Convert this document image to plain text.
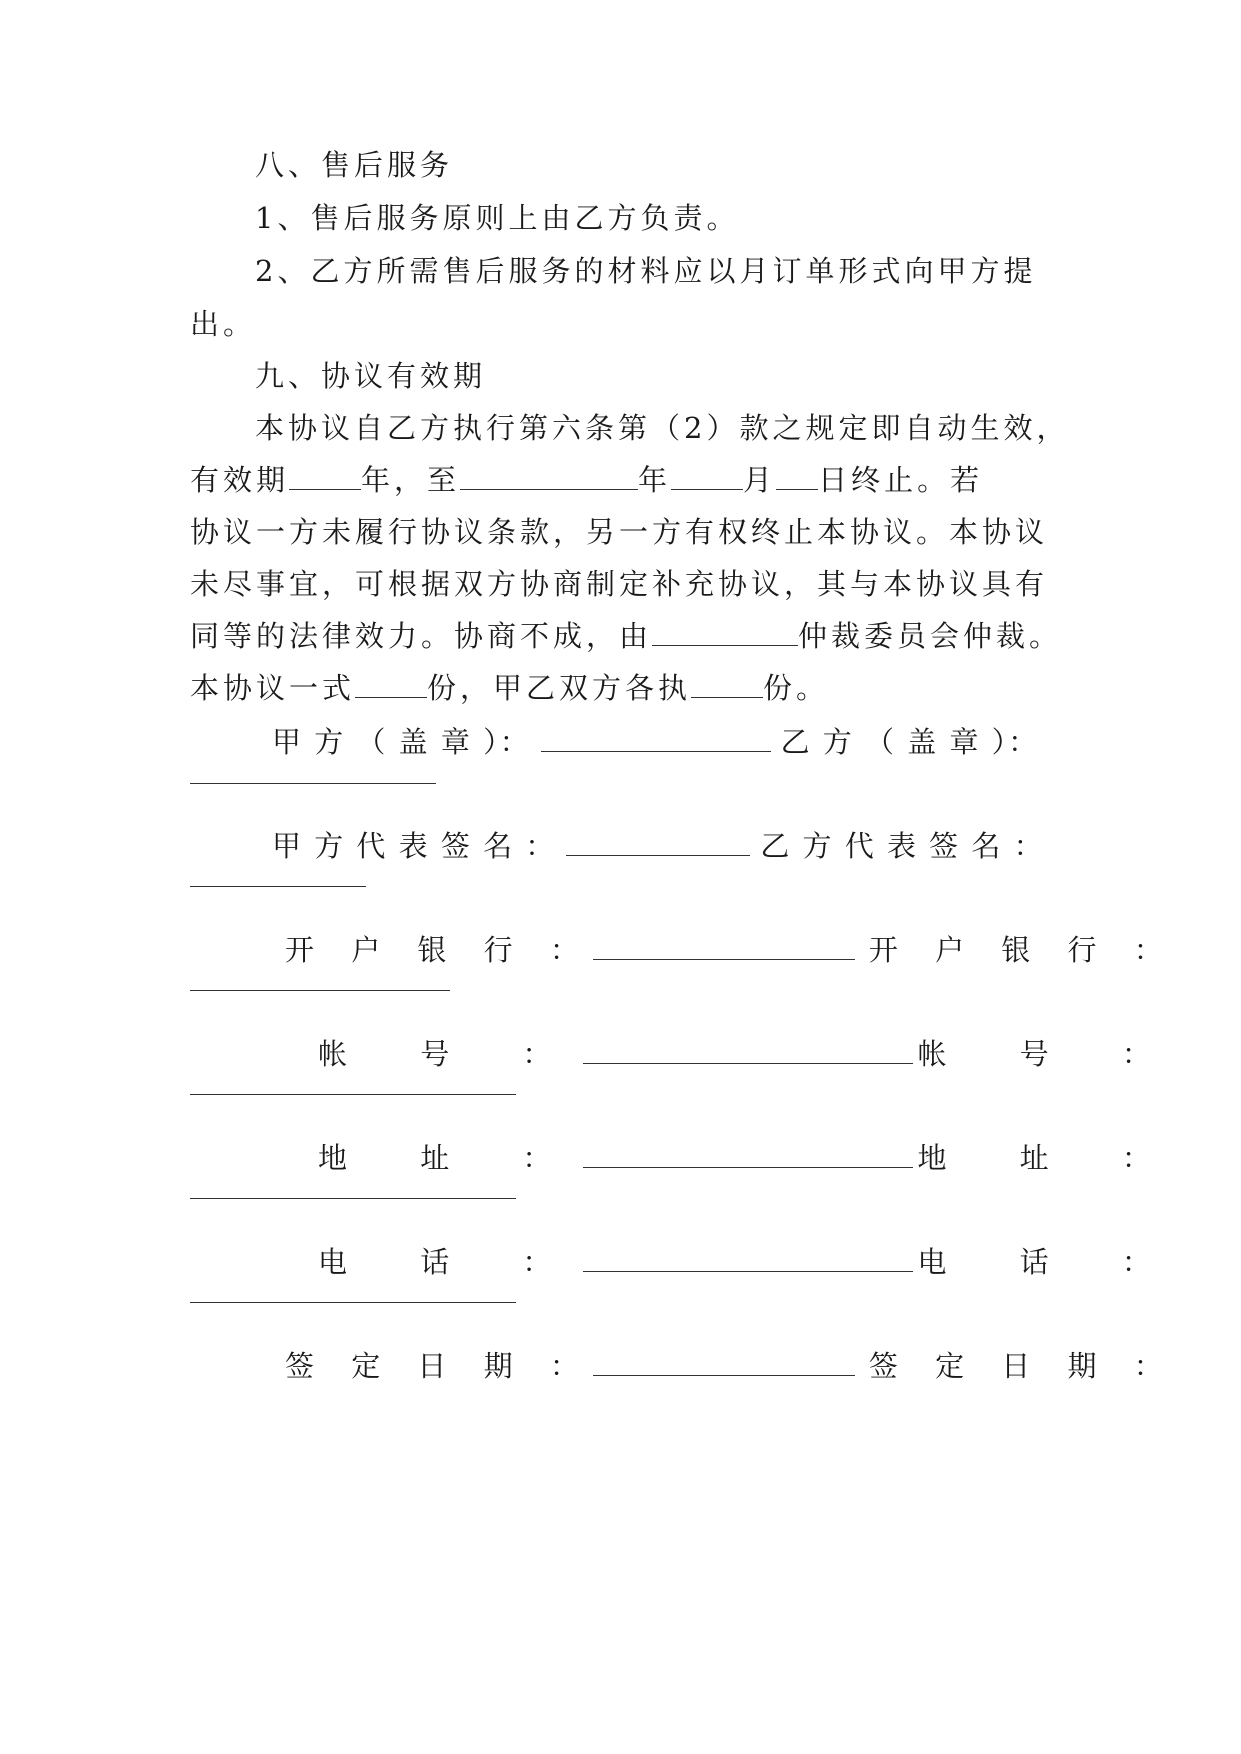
八、售后服务
1、售后服务原则上由乙方负责。
2、乙方所需售后服务的材料应以月订单形式向甲方提
出。
九、协议有效期
本协议自乙方执行第六条第（2）款之规定即自动生效，
有效期 年，至	年 月 日终止。若
协议一方未履行协议条款，另一方有权终止本协议。本协议
未尽事宜，可根据双方协商制定补充协议，其与本协议具有
同等的法律效力。协商不成，由	仲裁委员会仲裁。
本协议一式 份，甲乙双方各执 份。
甲 方 （ 盖 章 ）：	乙 方 （ 盖 章 ）：
甲 方 代 表 签 名 ：	乙 方 代 表 签 名 ：
开 户 银 行 ：	开 户 银 行 ：
帐 号 ：	帐 号 ：
地 址 ：	地 址 ：
电 话 ：	电 话 ：
签 定 日 期 ：	签 定 日 期 ：
